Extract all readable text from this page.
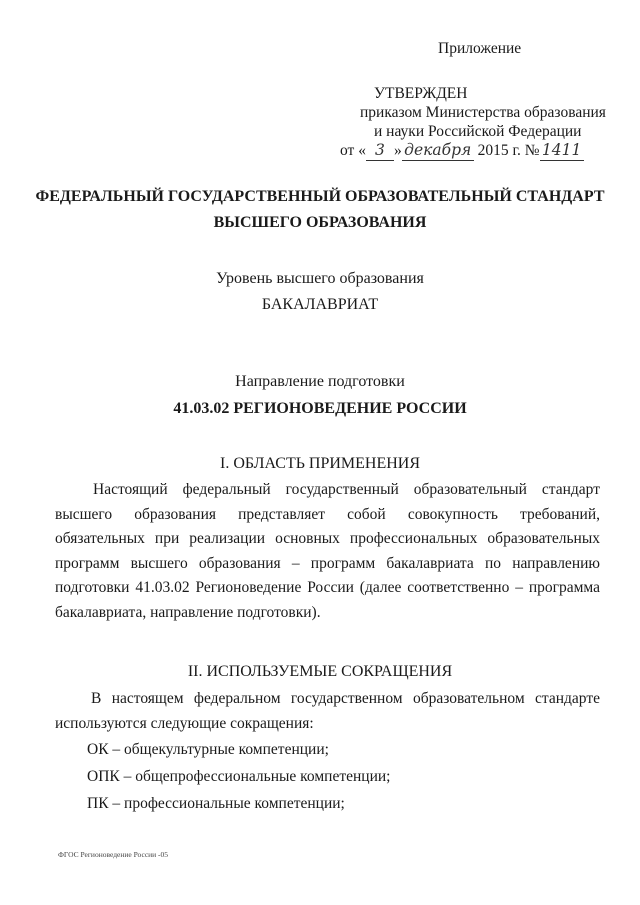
Приложение
УТВЕРЖДЕН
приказом Министерства образования
и науки Российской Федерации
от « 3 » декабря 2015 г. № 1411
ФЕДЕРАЛЬНЫЙ ГОСУДАРСТВЕННЫЙ ОБРАЗОВАТЕЛЬНЫЙ СТАНДАРТ
ВЫСШЕГО ОБРАЗОВАНИЯ
Уровень высшего образования
БАКАЛАВРИАТ
Направление подготовки
41.03.02 РЕГИОНОВЕДЕНИЕ РОССИИ
I. ОБЛАСТЬ ПРИМЕНЕНИЯ
Настоящий федеральный государственный образовательный стандарт высшего образования представляет собой совокупность требований, обязательных при реализации основных профессиональных образовательных программ высшего образования – программ бакалавриата по направлению подготовки 41.03.02 Регионоведение России (далее соответственно – программа бакалавриата, направление подготовки).
II. ИСПОЛЬЗУЕМЫЕ СОКРАЩЕНИЯ
В настоящем федеральном государственном образовательном стандарте используются следующие сокращения:
ОК – общекультурные компетенции;
ОПК – общепрофессиональные компетенции;
ПК – профессиональные компетенции;
ФГОС Регионоведение России -05
